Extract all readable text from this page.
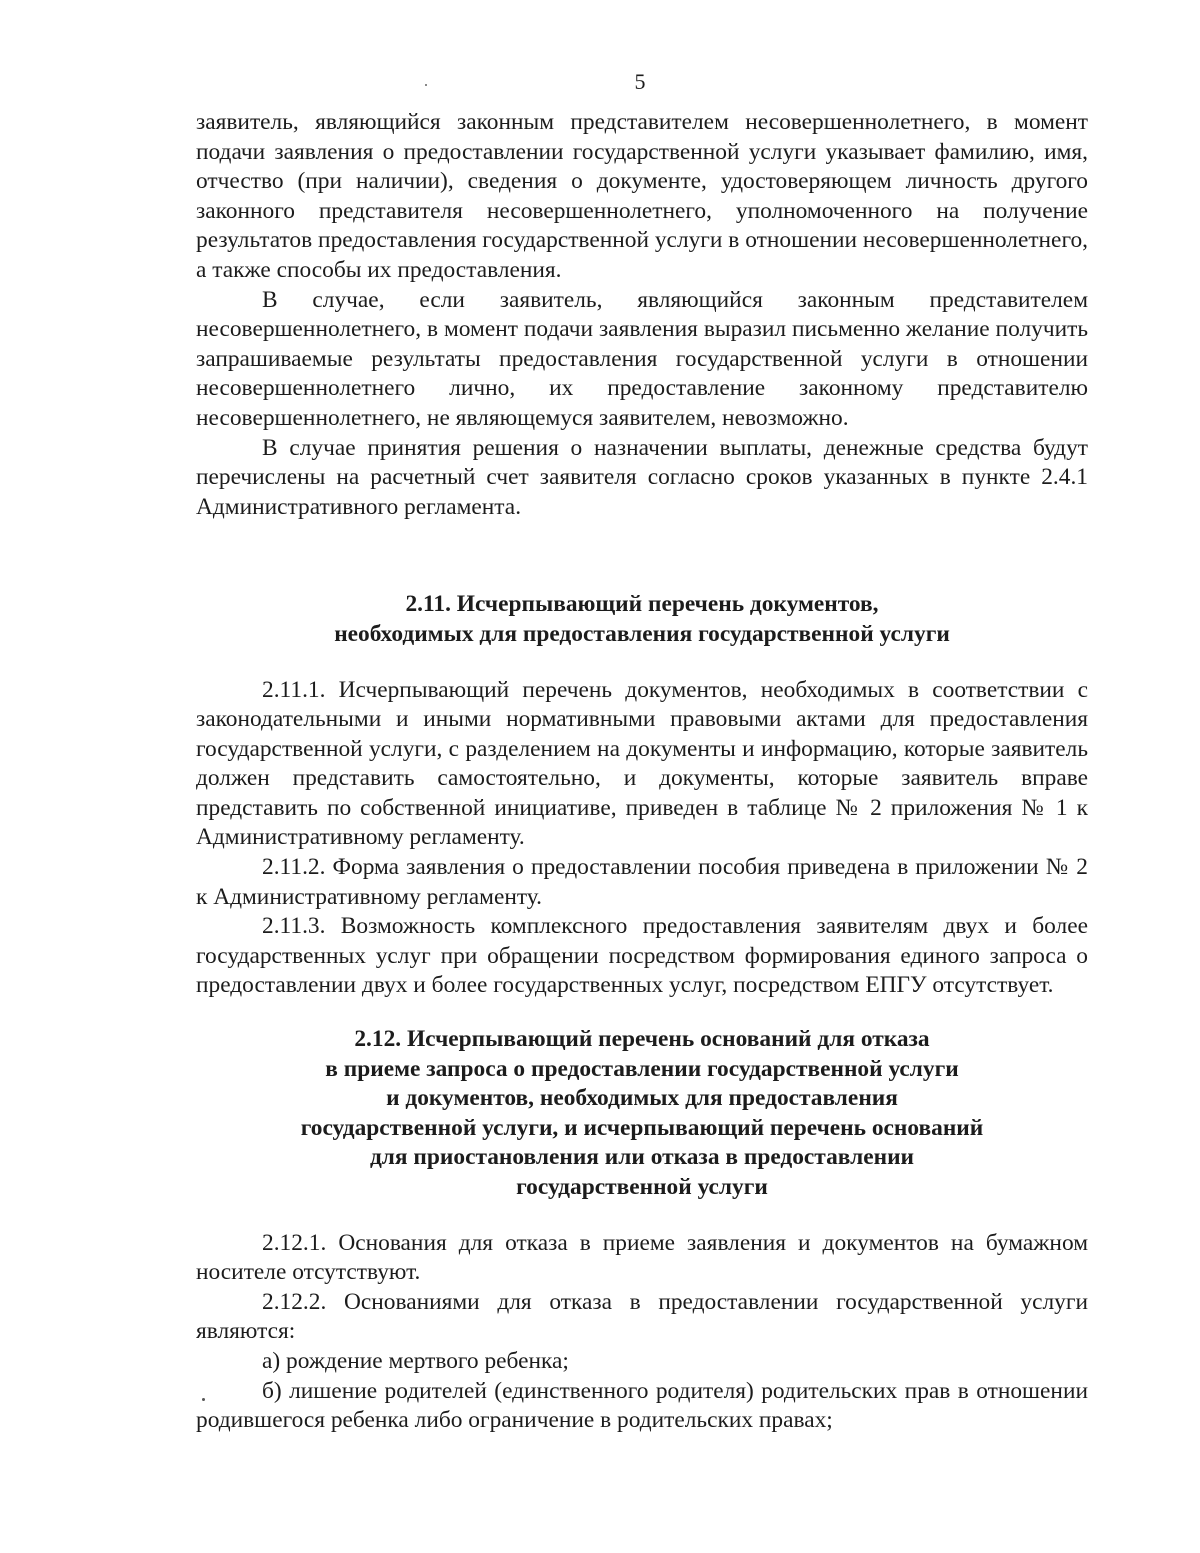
5

заявитель, являющийся законным представителем несовершеннолетнего, в момент подачи заявления о предоставлении государственной услуги указывает фамилию, имя, отчество (при наличии), сведения о документе, удостоверяющем личность другого законного представителя несовершеннолетнего, уполномоченного на получение результатов предоставления государственной услуги в отношении несовершеннолетнего, а также способы их предоставления.

В случае, если заявитель, являющийся законным представителем несовершеннолетнего, в момент подачи заявления выразил письменно желание получить запрашиваемые результаты предоставления государственной услуги в отношении несовершеннолетнего лично, их предоставление законному представителю несовершеннолетнего, не являющемуся заявителем, невозможно.

В случае принятия решения о назначении выплаты, денежные средства будут перечислены на расчетный счет заявителя согласно сроков указанных в пункте 2.4.1 Административного регламента.

2.11. Исчерпывающий перечень документов,

необходимых для предоставления государственной услуги

2.11.1. Исчерпывающий перечень документов, необходимых в соответствии с законодательными и иными нормативными правовыми актами для предоставления государственной услуги, с разделением на документы и информацию, которые заявитель должен представить самостоятельно, и документы, которые заявитель вправе представить по собственной инициативе, приведен в таблице № 2 приложения № 1 к Административному регламенту.

2.11.2. Форма заявления о предоставлении пособия приведена в приложении № 2 к Административному регламенту.

2.11.3. Возможность комплексного предоставления заявителям двух и более государственных услуг при обращении посредством формирования единого запроса о предоставлении двух и более государственных услуг, посредством ЕПГУ отсутствует.

2.12. Исчерпывающий перечень оснований для отказа

в приеме запроса о предоставлении государственной услуги

и документов, необходимых для предоставления

государственной услуги, и исчерпывающий перечень оснований

для приостановления или отказа в предоставлении

государственной услуги

2.12.1. Основания для отказа в приеме заявления и документов на бумажном носителе отсутствуют.

2.12.2. Основаниями для отказа в предоставлении государственной услуги являются:

а) рождение мертвого ребенка;

б) лишение родителей (единственного родителя) родительских прав в отношении родившегося ребенка либо ограничение в родительских правах;
